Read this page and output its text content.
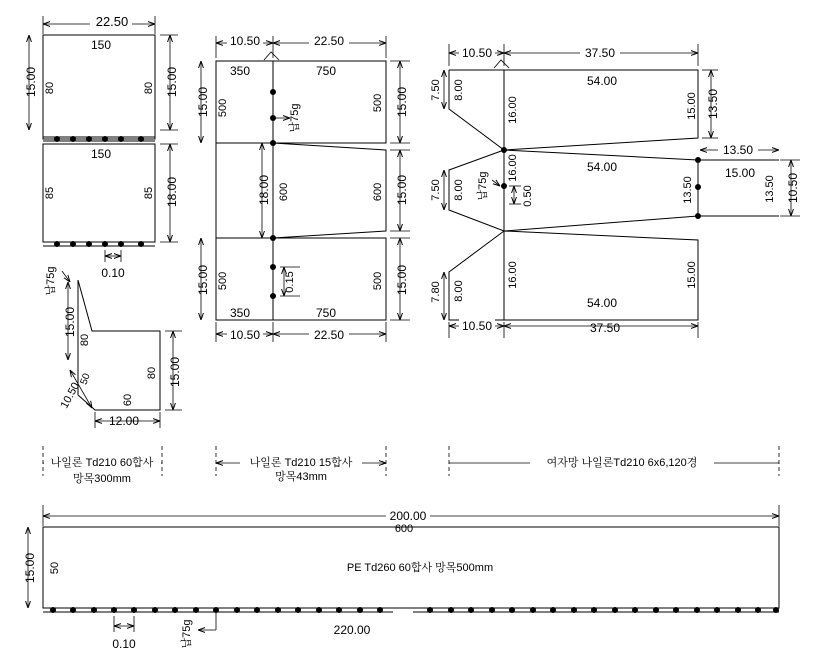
22.50
150
80	80
15.00	15.00
150
85	85 18.00
0.10
납75g
15.00
80
15.00
80
50
10.50	60
12.00
나일론 Td210 60합사
망목300mm
10.50	22.50
350	750
500	500
15.00	15.00
납75g
600	600
18.00	15.00
0.15
500	500
15.00	15.00
350	750
10.50	22.50
나일론 Td210 15합사
망목43mm
10.50	37.50
54.00
8.00
16.00	15.00
7.50	13.50
납75g
16.00
0.50
54.00
8.00
7.50	13.50
13.50
15.00
13.50 10.50
8.00
7.80
16.00	15.00
54.00
10.50	37.50
여자망 나일론Td210 6x6,120경
200.00
600
PE Td260 60합사 망목500mm
50
15.00
0.10	납75g	220.00
